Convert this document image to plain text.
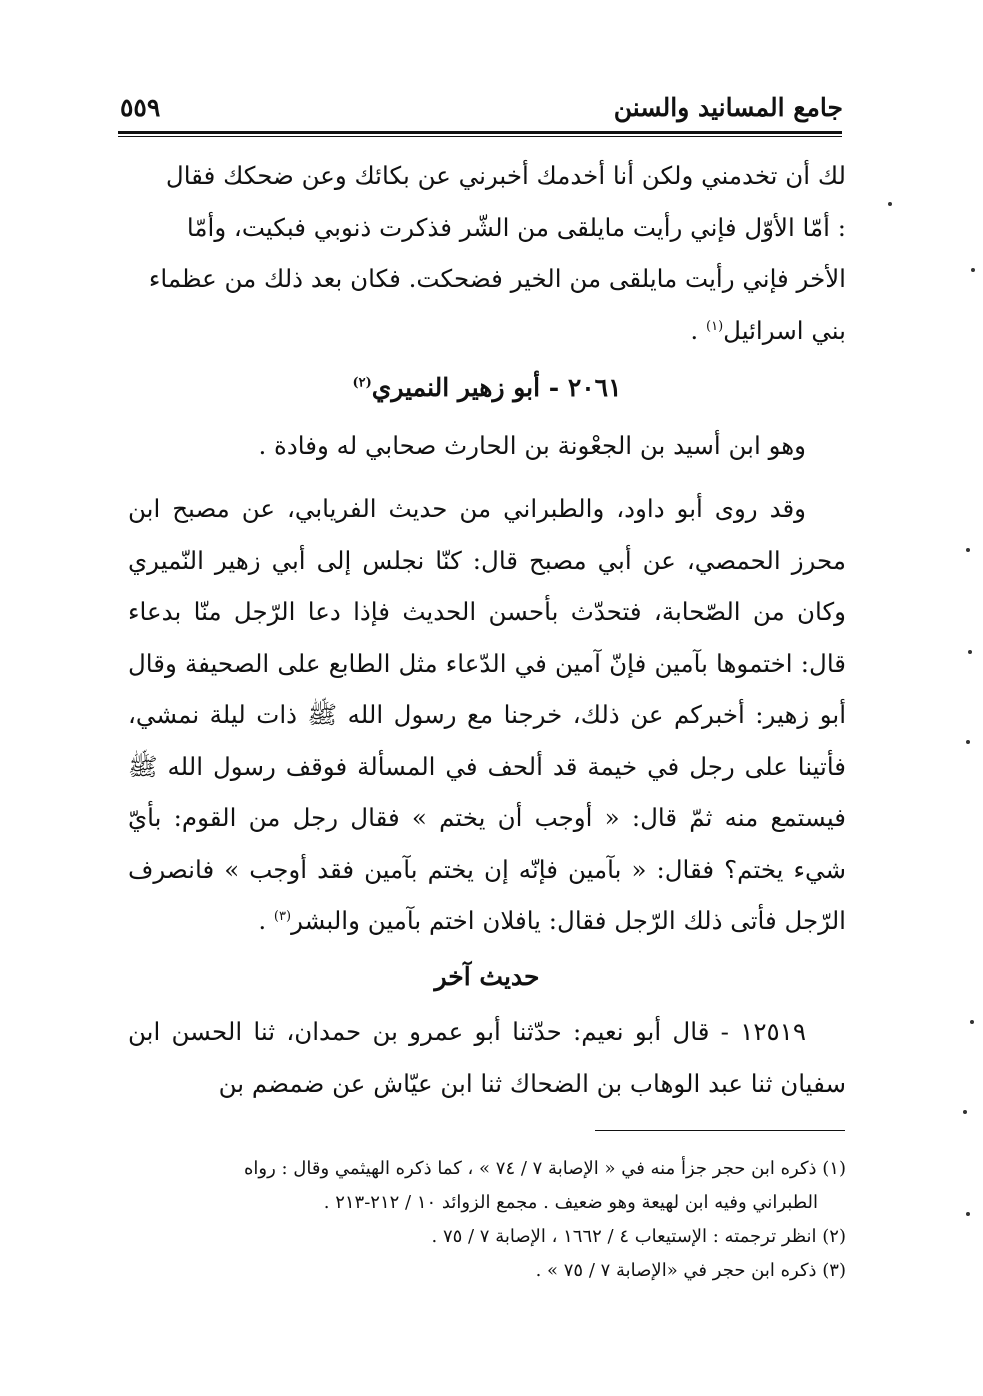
جامع المسانيد والسنن
٥٥٩

لك أن تخدمني ولكن أنا أخدمك أخبرني عن بكائك وعن ضحكك فقال

: أمّا الأوّل فإني رأيت مايلقى من الشّر فذكرت ذنوبي فبكيت، وأمّا

الأخر فإني رأيت مايلقى من الخير فضحكت. فكان بعد ذلك من عظماء

بني اسرائيل$^{(١)}$ .

٢٠٦١ - أبو زهير النميري$^{(٢)}$

وهو ابن أسيد بن الجعْونة بن الحارث صحابي له وفادة .

وقد روى أبو داود، والطبراني من حديث الفريابي، عن مصبح ابن محرز الحمصي، عن أبي مصبح قال: كنّا نجلس إلى أبي زهير النّميري وكان من الصّحابة، فتحدّث بأحسن الحديث فإذا دعا الرّجل منّا بدعاء قال: اختموها بآمين فإنّ آمين في الدّعاء مثل الطابع على الصحيفة وقال أبو زهير: أخبركم عن ذلك، خرجنا مع رسول الله ﷺ ذات ليلة نمشي، فأتينا على رجل في خيمة قد ألحف في المسألة فوقف رسول الله ﷺ فيستمع منه ثمّ قال: « أوجب أن يختم » فقال رجل من القوم: بأيّ شيء يختم؟ فقال: « بآمين فإنّه إن يختم بآمين فقد أوجب » فانصرف الرّجل فأتى ذلك الرّجل فقال: يافلان اختم بآمين والبشر$^{(٣)}$ .

حديث آخر

١٢٥١٩ - قال أبو نعيم: حدّثنا أبو عمرو بن حمدان، ثنا الحسن ابن سفيان ثنا عبد الوهاب بن الضحاك ثنا ابن عيّاش عن ضمضم بن

(١) ذكره ابن حجر جزأ منه في « الإصابة ٧ / ٧٤ » ، كما ذكره الهيثمي وقال : رواه

الطبراني وفيه ابن لهيعة وهو ضعيف . مجمع الزوائد ١٠ / ٢١٢-٢١٣ .

(٢) انظر ترجمته : الإستيعاب ٤ / ١٦٦٢ ، الإصابة ٧ / ٧٥ .

(٣) ذكره ابن حجر في «الإصابة ٧ / ٧٥ » .
